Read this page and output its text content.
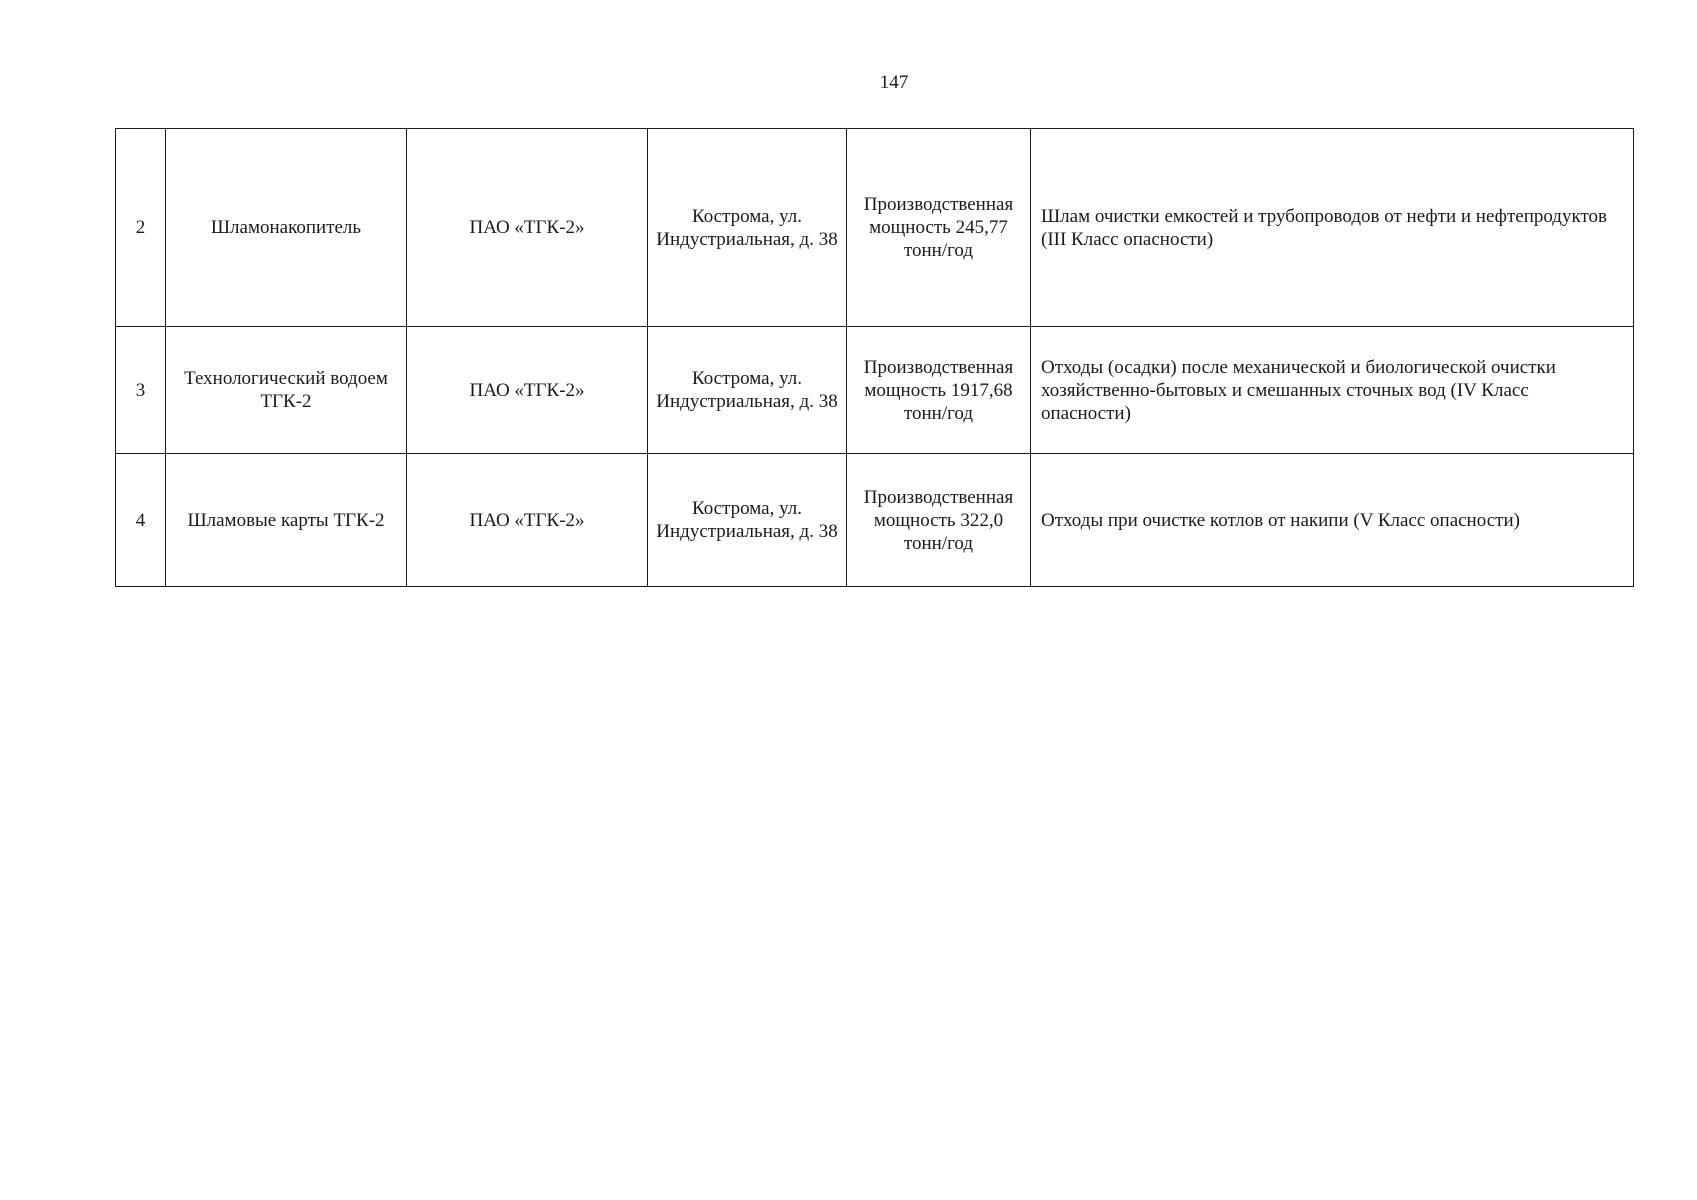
147
2	Шламонакопитель	ПАО «ТГК-2»	Кострома, ул. Индустриальная, д. 38	Производственная мощность 245,77 тонн/год	Шлам очистки емкостей и трубопроводов от нефти и нефтепродуктов (III Класс опасности)
3	Технологический водоем ТГК-2	ПАО «ТГК-2»	Кострома, ул. Индустриальная, д. 38	Производственная мощность 1917,68 тонн/год	Отходы (осадки) после механической и биологической очистки хозяйственно-бытовых и смешанных сточных вод (IV Класс опасности)
4	Шламовые карты ТГК-2	ПАО «ТГК-2»	Кострома, ул. Индустриальная, д. 38	Производственная мощность 322,0 тонн/год	Отходы при очистке котлов от накипи (V Класс опасности)
